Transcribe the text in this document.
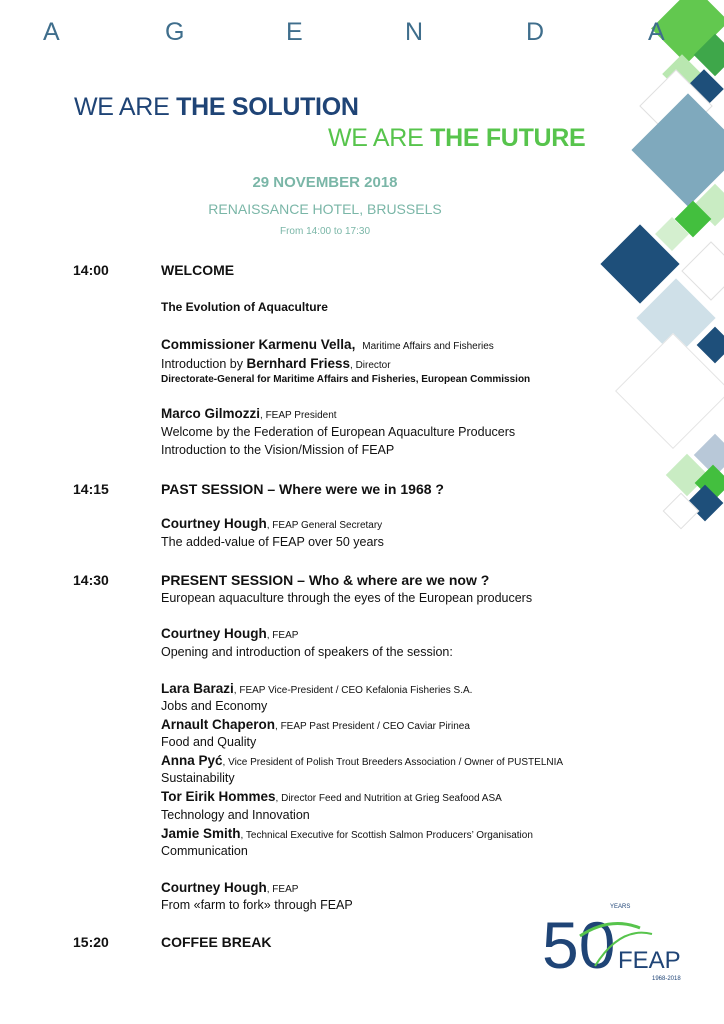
A	G	E	N	D	A
WE ARE THE SOLUTION
WE ARE THE FUTURE
29 NOVEMBER 2018
RENAISSANCE HOTEL, BRUSSELS
From 14:00 to 17:30
14:00	WELCOME
The Evolution of Aquaculture
Commissioner Karmenu Vella, Maritime Affairs and Fisheries
Introduction by Bernhard Friess, Director
Directorate-General for Maritime Affairs and Fisheries, European Commission
Marco Gilmozzi, FEAP President
Welcome by the Federation of European Aquaculture Producers
Introduction to the Vision/Mission of FEAP
14:15	PAST SESSION – Where were we in 1968 ?
Courtney Hough, FEAP General Secretary
The added-value of FEAP over 50 years
14:30	PRESENT SESSION – Who & where are we now ?
European aquaculture through the eyes of the European producers
Courtney Hough, FEAP
Opening and introduction of speakers of the session:
Lara Barazi, FEAP Vice-President / CEO Kefalonia Fisheries S.A.
Jobs and Economy
Arnault Chaperon, FEAP Past President / CEO Caviar Pirinea
Food and Quality
Anna Pyć, Vice President of Polish Trout Breeders Association / Owner of PUSTELNIA
Sustainability
Tor Eirik Hommes, Director Feed and Nutrition at Grieg Seafood ASA
Technology and Innovation
Jamie Smith, Technical Executive for Scottish Salmon Producers’ Organisation
Communication
Courtney Hough, FEAP
From «farm to fork» through FEAP
15:20	COFFEE BREAK	50
YEARS
FEAP
1968-2018
